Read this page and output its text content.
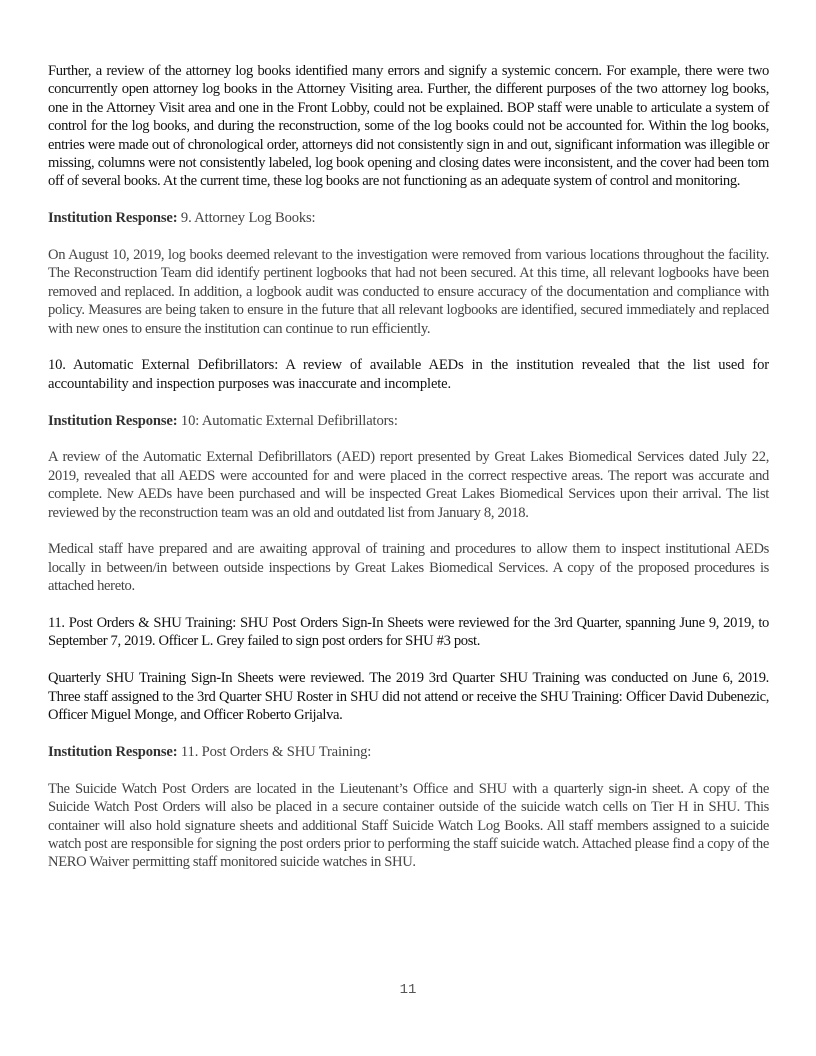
Further, a review of the attorney log books identified many errors and signify a systemic concern. For example, there were two concurrently open attorney log books in the Attorney Visiting area. Further, the different purposes of the two attorney log books, one in the Attorney Visit area and one in the Front Lobby, could not be explained. BOP staff were unable to articulate a system of control for the log books, and during the reconstruction, some of the log books could not be accounted for. Within the log books, entries were made out of chronological order, attorneys did not consistently sign in and out, significant information was illegible or missing, columns were not consistently labeled, log book opening and closing dates were inconsistent, and the cover had been tom off of several books. At the current time, these log books are not functioning as an adequate system of control and monitoring.

Institution Response: 9. Attorney Log Books:

On August 10, 2019, log books deemed relevant to the investigation were removed from various locations throughout the facility. The Reconstruction Team did identify pertinent logbooks that had not been secured. At this time, all relevant logbooks have been removed and replaced. In addition, a logbook audit was conducted to ensure accuracy of the documentation and compliance with policy. Measures are being taken to ensure in the future that all relevant logbooks are identified, secured immediately and replaced with new ones to ensure the institution can continue to run efficiently.

10. Automatic External Defibrillators: A review of available AEDs in the institution revealed that the list used for accountability and inspection purposes was inaccurate and incomplete.

Institution Response: 10: Automatic External Defibrillators:

A review of the Automatic External Defibrillators (AED) report presented by Great Lakes Biomedical Services dated July 22, 2019, revealed that all AEDS were accounted for and were placed in the correct respective areas. The report was accurate and complete. New AEDs have been purchased and will be inspected Great Lakes Biomedical Services upon their arrival. The list reviewed by the reconstruction team was an old and outdated list from January 8, 2018.

Medical staff have prepared and are awaiting approval of training and procedures to allow them to inspect institutional AEDs locally in between/in between outside inspections by Great Lakes Biomedical Services. A copy of the proposed procedures is attached hereto.

11. Post Orders & SHU Training: SHU Post Orders Sign-In Sheets were reviewed for the 3rd Quarter, spanning June 9, 2019, to September 7, 2019. Officer L. Grey failed to sign post orders for SHU #3 post.

Quarterly SHU Training Sign-In Sheets were reviewed. The 2019 3rd Quarter SHU Training was conducted on June 6, 2019. Three staff assigned to the 3rd Quarter SHU Roster in SHU did not attend or receive the SHU Training: Officer David Dubenezic, Officer Miguel Monge, and Officer Roberto Grijalva.

Institution Response: 11. Post Orders & SHU Training:

The Suicide Watch Post Orders are located in the Lieutenant’s Office and SHU with a quarterly sign-in sheet. A copy of the Suicide Watch Post Orders will also be placed in a secure container outside of the suicide watch cells on Tier H in SHU. This container will also hold signature sheets and additional Staff Suicide Watch Log Books. All staff members assigned to a suicide watch post are responsible for signing the post orders prior to performing the staff suicide watch. Attached please find a copy of the NERO Waiver permitting staff monitored suicide watches in SHU.

11
